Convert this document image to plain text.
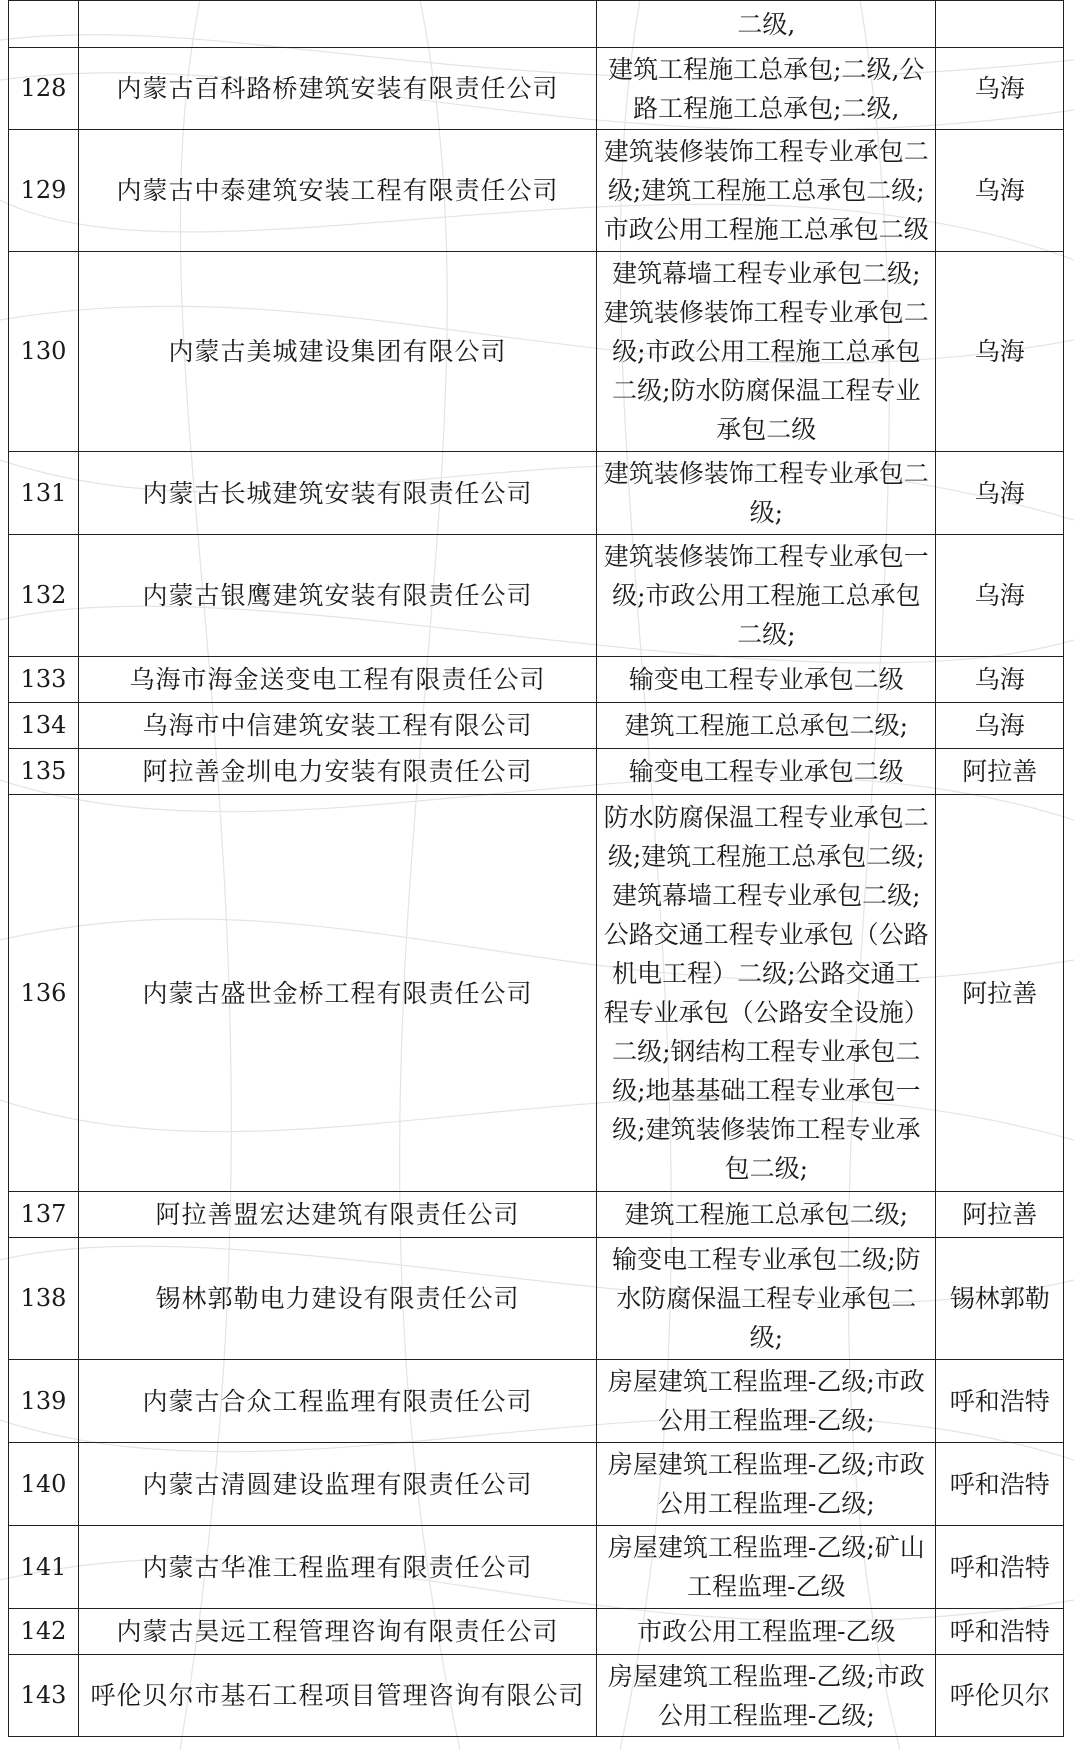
		二级,	
128	内蒙古百科路桥建筑安装有限责任公司	建筑工程施工总承包;二级,公路工程施工总承包;二级,	乌海
129	内蒙古中泰建筑安装工程有限责任公司	建筑装修装饰工程专业承包二级;建筑工程施工总承包二级;市政公用工程施工总承包二级	乌海
130	内蒙古美城建设集团有限公司	建筑幕墙工程专业承包二级;建筑装修装饰工程专业承包二级;市政公用工程施工总承包二级;防水防腐保温工程专业承包二级	乌海
131	内蒙古长城建筑安装有限责任公司	建筑装修装饰工程专业承包二级;	乌海
132	内蒙古银鹰建筑安装有限责任公司	建筑装修装饰工程专业承包一级;市政公用工程施工总承包二级;	乌海
133	乌海市海金送变电工程有限责任公司	输变电工程专业承包二级	乌海
134	乌海市中信建筑安装工程有限公司	建筑工程施工总承包二级;	乌海
135	阿拉善金圳电力安装有限责任公司	输变电工程专业承包二级	阿拉善
136	内蒙古盛世金桥工程有限责任公司	防水防腐保温工程专业承包二级;建筑工程施工总承包二级;建筑幕墙工程专业承包二级;公路交通工程专业承包（公路机电工程）二级;公路交通工程专业承包（公路安全设施）二级;钢结构工程专业承包二级;地基基础工程专业承包一级;建筑装修装饰工程专业承包二级;	阿拉善
137	阿拉善盟宏达建筑有限责任公司	建筑工程施工总承包二级;	阿拉善
138	锡林郭勒电力建设有限责任公司	输变电工程专业承包二级;防水防腐保温工程专业承包二级;	锡林郭勒
139	内蒙古合众工程监理有限责任公司	房屋建筑工程监理-乙级;市政公用工程监理-乙级;	呼和浩特
140	内蒙古清圆建设监理有限责任公司	房屋建筑工程监理-乙级;市政公用工程监理-乙级;	呼和浩特
141	内蒙古华准工程监理有限责任公司	房屋建筑工程监理-乙级;矿山工程监理-乙级	呼和浩特
142	内蒙古昊远工程管理咨询有限责任公司	市政公用工程监理-乙级	呼和浩特
143	呼伦贝尔市基石工程项目管理咨询有限公司	房屋建筑工程监理-乙级;市政公用工程监理-乙级;	呼伦贝尔
